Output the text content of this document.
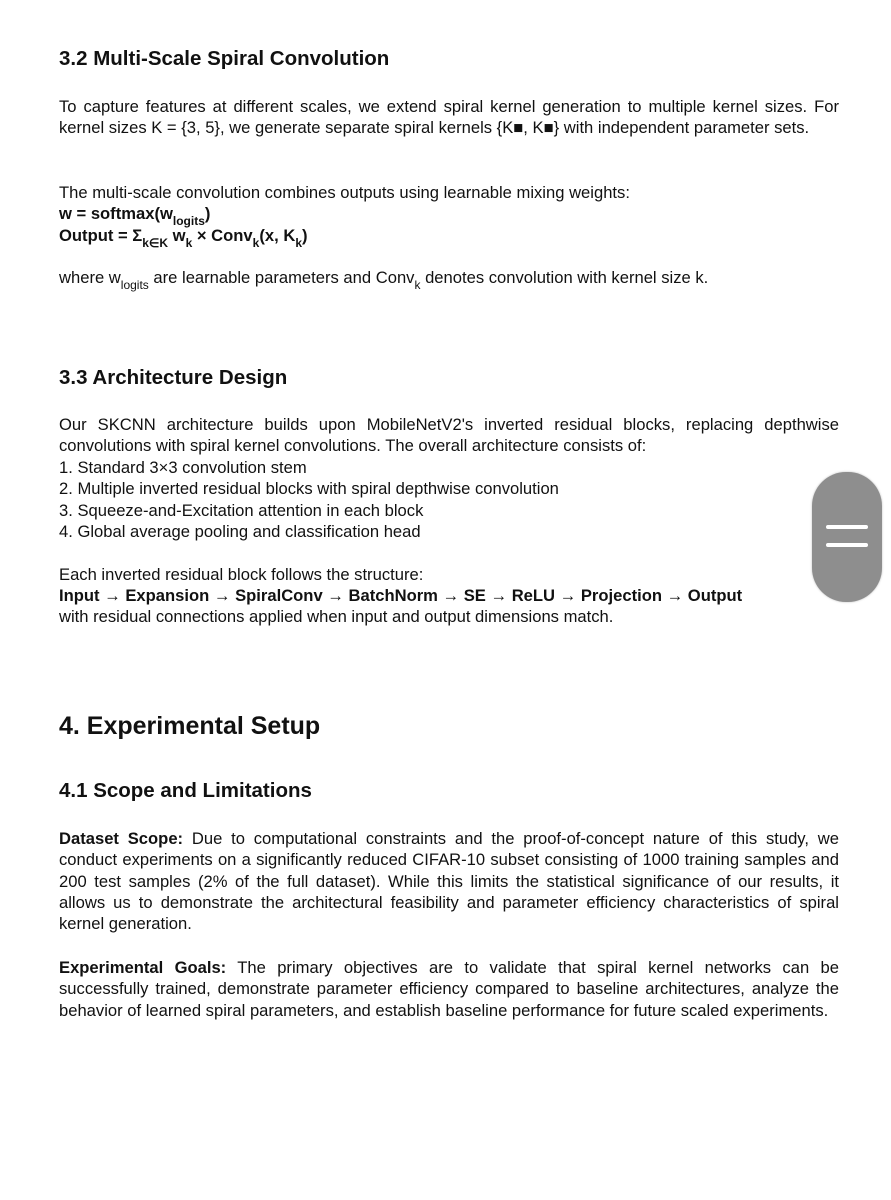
3.2 Multi-Scale Spiral Convolution

To capture features at different scales, we extend spiral kernel generation to multiple kernel sizes. For kernel sizes K = {3, 5}, we generate separate spiral kernels {K■, K■} with independent parameter sets.

The multi-scale convolution combines outputs using learnable mixing weights:

$w = softmax(w_{logits})$

Output = $\Sigma_{k\in K}$ $w_k$ × Conv$_k$(x, $K_k$)

where $w_{logits}$ are learnable parameters and Conv$_k$ denotes convolution with kernel size k.

3.3 Architecture Design

Our SKCNN architecture builds upon MobileNetV2's inverted residual blocks, replacing depthwise convolutions with spiral kernel convolutions. The overall architecture consists of:

1. Standard 3×3 convolution stem

2. Multiple inverted residual blocks with spiral depthwise convolution

3. Squeeze-and-Excitation attention in each block

4. Global average pooling and classification head

Each inverted residual block follows the structure:

Input → Expansion → SpiralConv → BatchNorm → SE → ReLU → Projection → Output

with residual connections applied when input and output dimensions match.

4. Experimental Setup
4.1 Scope and Limitations

Dataset Scope: Due to computational constraints and the proof-of-concept nature of this study, we conduct experiments on a significantly reduced CIFAR-10 subset consisting of 1000 training samples and 200 test samples (2% of the full dataset). While this limits the statistical significance of our results, it allows us to demonstrate the architectural feasibility and parameter efficiency characteristics of spiral kernel generation.

Experimental Goals: The primary objectives are to validate that spiral kernel networks can be successfully trained, demonstrate parameter efficiency compared to baseline architectures, analyze the behavior of learned spiral parameters, and establish baseline performance for future scaled experiments.
